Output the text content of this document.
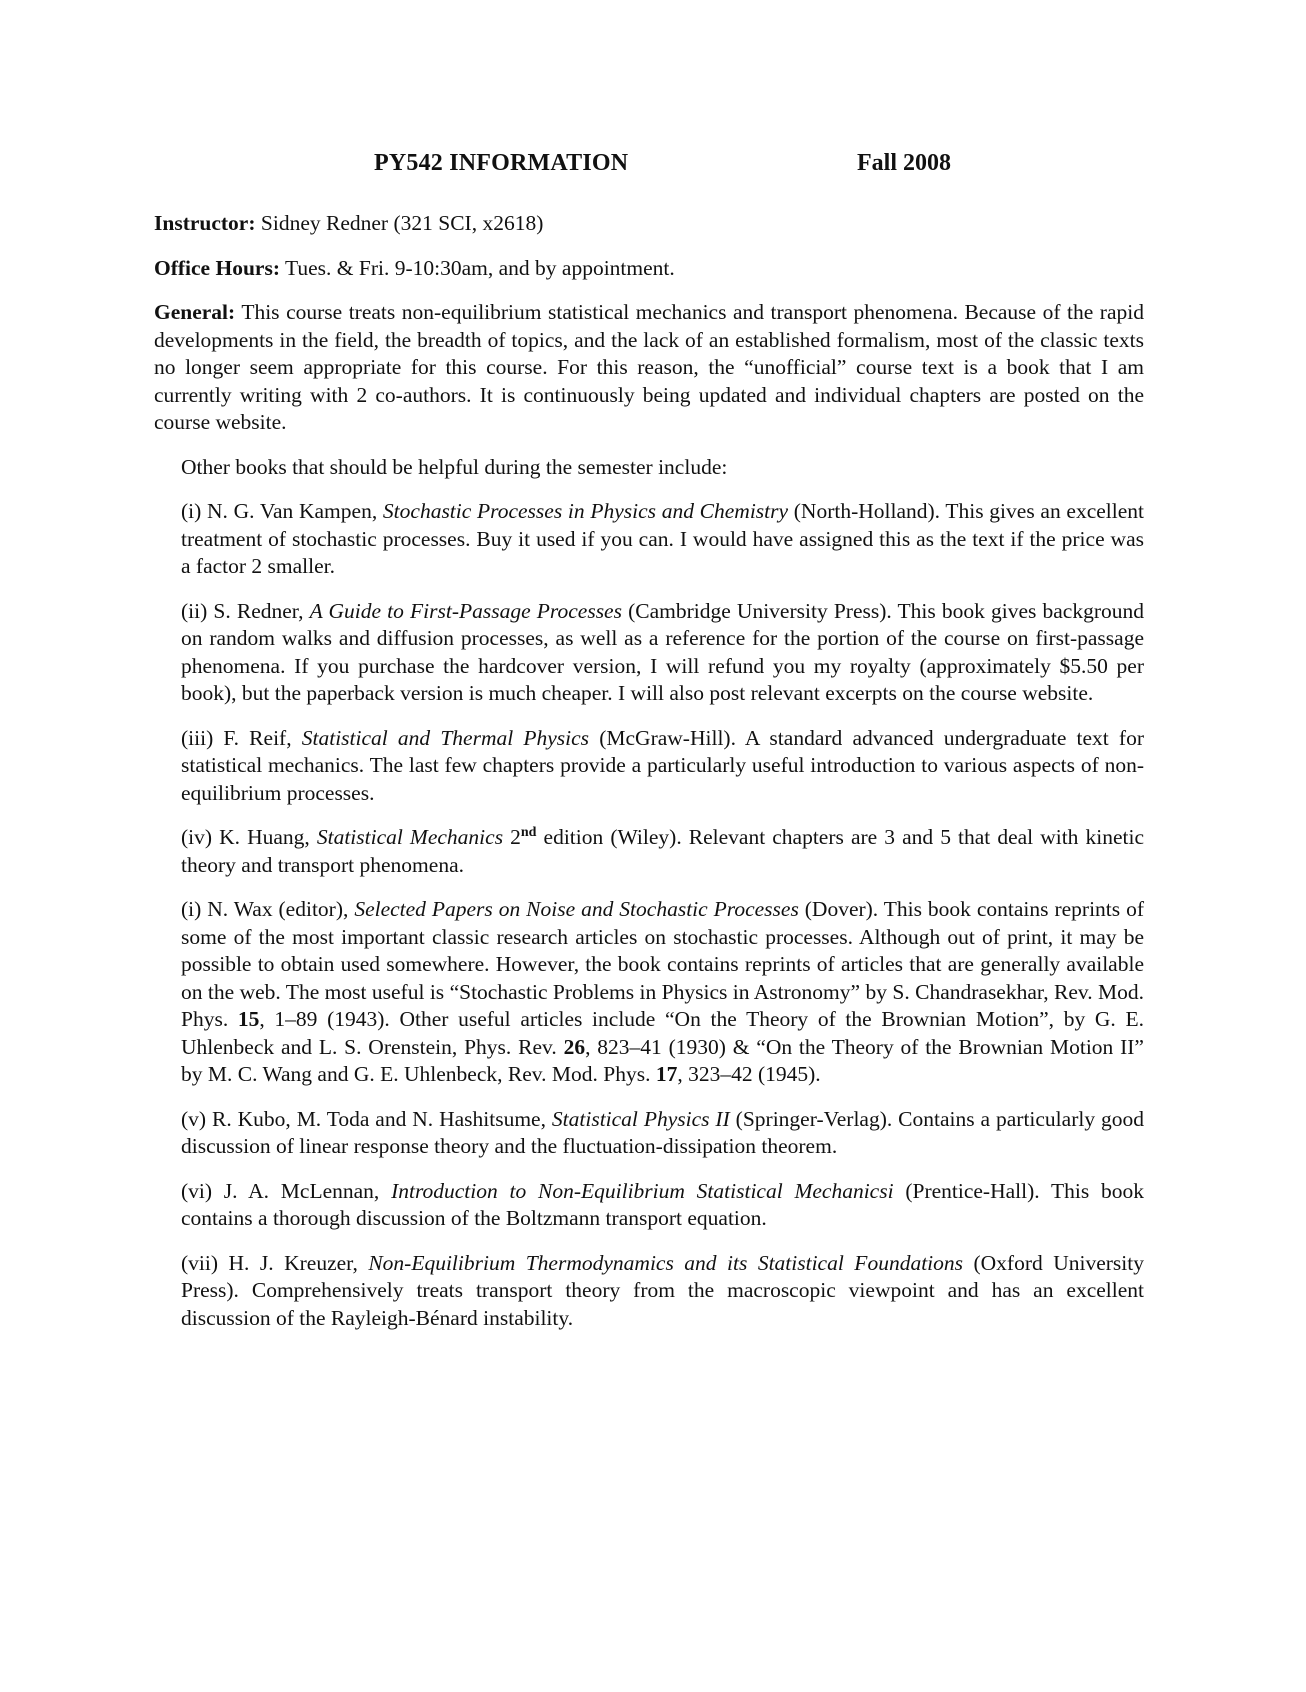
PY542 INFORMATION	Fall 2008

Instructor: Sidney Redner (321 SCI, x2618)

Office Hours: Tues. & Fri. 9-10:30am, and by appointment.

General: This course treats non-equilibrium statistical mechanics and transport phenomena. Because of the rapid developments in the field, the breadth of topics, and the lack of an established formalism, most of the classic texts no longer seem appropriate for this course. For this reason, the “unofficial” course text is a book that I am currently writing with 2 co-authors. It is continuously being updated and individual chapters are posted on the course website.

Other books that should be helpful during the semester include:

(i) N. G. Van Kampen, Stochastic Processes in Physics and Chemistry (North-Holland). This gives an excellent treatment of stochastic processes. Buy it used if you can. I would have assigned this as the text if the price was a factor 2 smaller.

(ii) S. Redner, A Guide to First-Passage Processes (Cambridge University Press). This book gives background on random walks and diffusion processes, as well as a reference for the portion of the course on first-passage phenomena. If you purchase the hardcover version, I will refund you my royalty (approximately $5.50 per book), but the paperback version is much cheaper. I will also post relevant excerpts on the course website.

(iii) F. Reif, Statistical and Thermal Physics (McGraw-Hill). A standard advanced undergraduate text for statistical mechanics. The last few chapters provide a particularly useful introduction to various aspects of non-equilibrium processes.

(iv) K. Huang, Statistical Mechanics 2nd edition (Wiley). Relevant chapters are 3 and 5 that deal with kinetic theory and transport phenomena.

(i) N. Wax (editor), Selected Papers on Noise and Stochastic Processes (Dover). This book contains reprints of some of the most important classic research articles on stochastic processes. Although out of print, it may be possible to obtain used somewhere. However, the book contains reprints of articles that are generally available on the web. The most useful is “Stochastic Problems in Physics in Astronomy” by S. Chandrasekhar, Rev. Mod. Phys. 15, 1–89 (1943). Other useful articles include “On the Theory of the Brownian Motion”, by G. E. Uhlenbeck and L. S. Orenstein, Phys. Rev. 26, 823–41 (1930) & “On the Theory of the Brownian Motion II” by M. C. Wang and G. E. Uhlenbeck, Rev. Mod. Phys. 17, 323–42 (1945).

(v) R. Kubo, M. Toda and N. Hashitsume, Statistical Physics II (Springer-Verlag). Contains a particularly good discussion of linear response theory and the fluctuation-dissipation theorem.

(vi) J. A. McLennan, Introduction to Non-Equilibrium Statistical Mechanicsi (Prentice-Hall). This book contains a thorough discussion of the Boltzmann transport equation.

(vii) H. J. Kreuzer, Non-Equilibrium Thermodynamics and its Statistical Foundations (Oxford University Press). Comprehensively treats transport theory from the macroscopic viewpoint and has an excellent discussion of the Rayleigh-Bénard instability.
